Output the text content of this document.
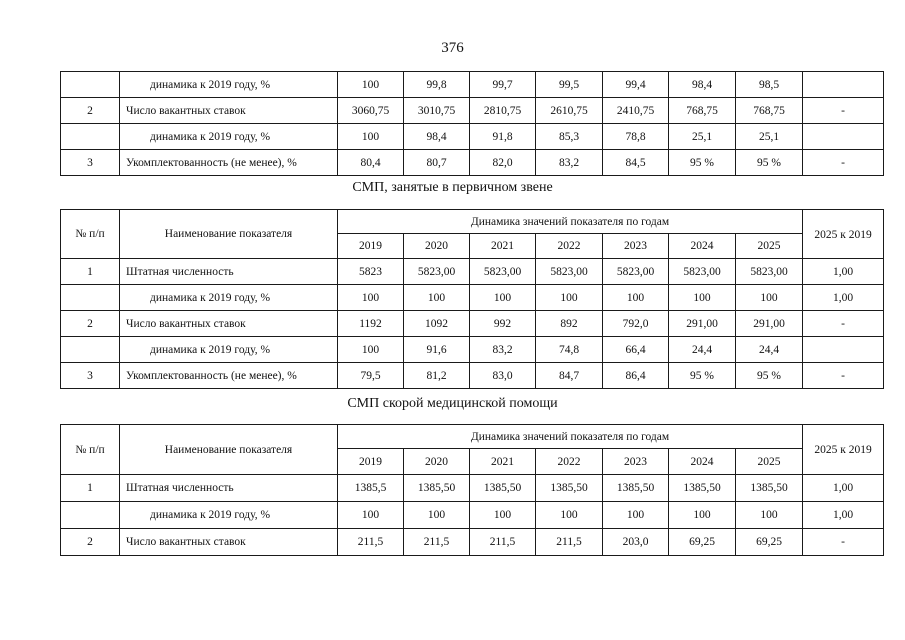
376
	динамика к 2019 году, %	100	99,8	99,7	99,5	99,4	98,4	98,5	
2	Число вакантных ставок	3060,75	3010,75	2810,75	2610,75	2410,75	768,75	768,75	-
	динамика к 2019 году, %	100	98,4	91,8	85,3	78,8	25,1	25,1	
3	Укомплектованность (не менее), %	80,4	80,7	82,0	83,2	84,5	95 %	95 %	-
СМП, занятые в первичном звене
№ п/п	Наименование показателя	Динамика значений показателя по годам							2025 к 2019
		2019	2020	2021	2022	2023	2024	2025	
1	Штатная численность	5823	5823,00	5823,00	5823,00	5823,00	5823,00	5823,00	1,00
	динамика к 2019 году, %	100	100	100	100	100	100	100	1,00
2	Число вакантных ставок	1192	1092	992	892	792,0	291,00	291,00	-
	динамика к 2019 году, %	100	91,6	83,2	74,8	66,4	24,4	24,4	
3	Укомплектованность (не менее), %	79,5	81,2	83,0	84,7	86,4	95 %	95 %	-
СМП скорой медицинской помощи
№ п/п	Наименование показателя	Динамика значений показателя по годам							2025 к 2019
		2019	2020	2021	2022	2023	2024	2025	
1	Штатная численность	1385,5	1385,50	1385,50	1385,50	1385,50	1385,50	1385,50	1,00
	динамика к 2019 году, %	100	100	100	100	100	100	100	1,00
2	Число вакантных ставок	211,5	211,5	211,5	211,5	203,0	69,25	69,25	-
